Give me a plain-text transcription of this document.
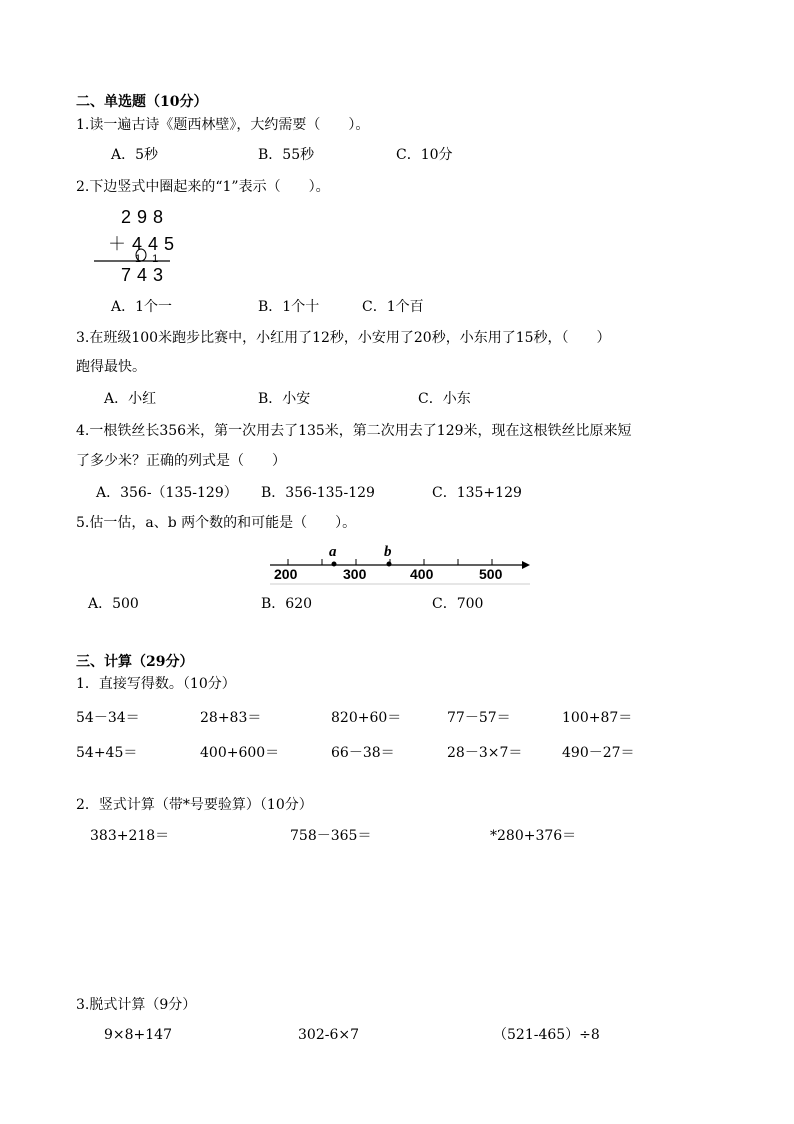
二、单选题（10分）
1.读一遍古诗《题西林壁》，大约需要（　　）。
A．5秒	B．55秒	C．10分
2.下边竖式中圈起来的“1”表示（　　）。
298
＋445
1 1
743
A．1个一	B．1个十	C．1个百
3.在班级100米跑步比赛中，小红用了12秒，小安用了20秒，小东用了15秒，（　　）
跑得最快。
A．小红	B．小安	C．小东
4.一根铁丝长356米，第一次用去了135米，第二次用去了129米，现在这根铁丝比原来短
了多少米？正确的列式是（　　）
A．356-（135-129） B．356-135-129	C．135+129
5.估一估，a、b 两个数的和可能是（　　）。
a	b
200	300	400	500
A．500	B．620	C．700
三、计算（29分）
1．直接写得数。（10分）
54－34＝	28+83＝	820+60＝	77－57＝	100+87＝
54+45＝	400+600＝	66－38＝	28－3×7＝	490－27＝
2．竖式计算（带*号要验算）（10分）
383+218＝	758－365＝	*280+376＝
3.脱式计算（9分）
9×8+147	302-6×7	（521-465）÷8
